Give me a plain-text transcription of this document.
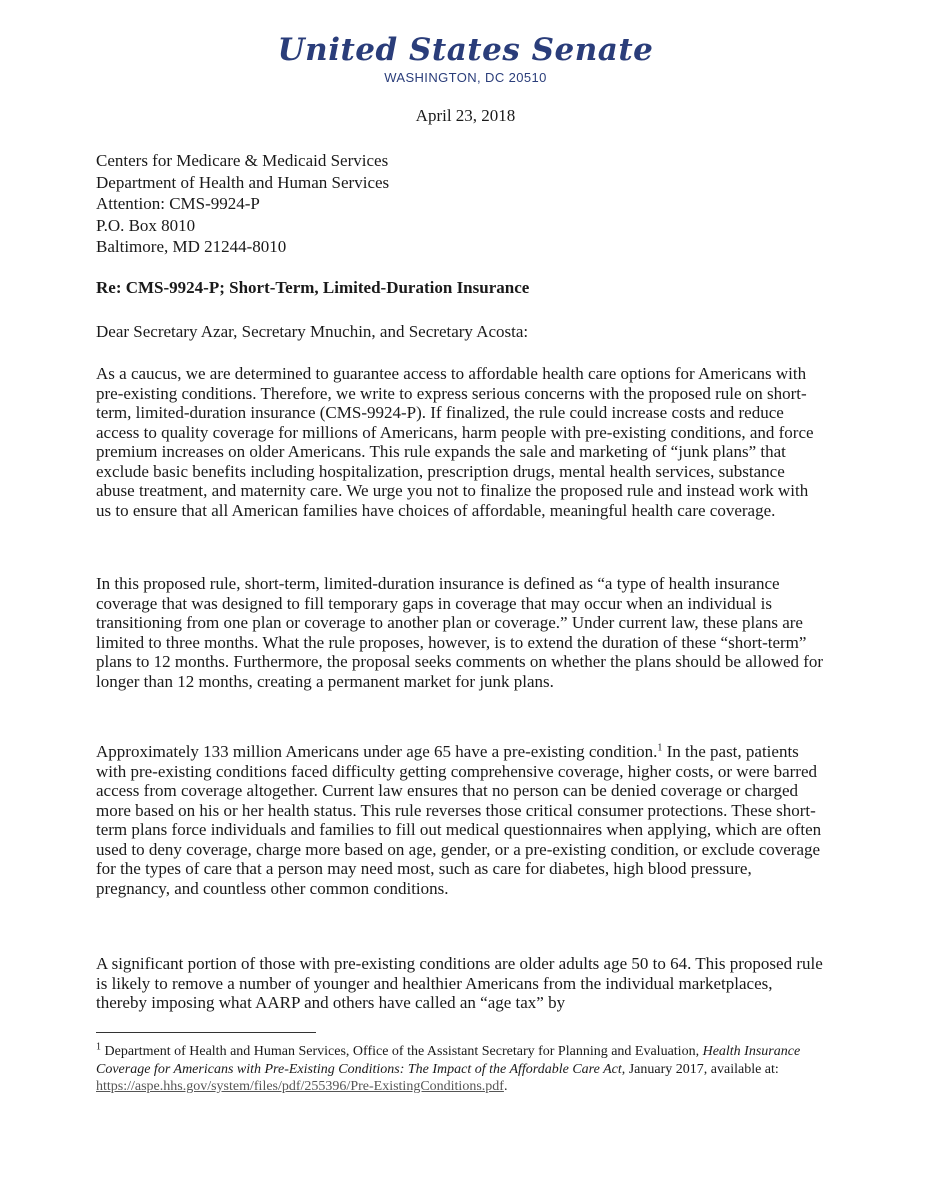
United States Senate
WASHINGTON, DC 20510
April 23, 2018
Centers for Medicare & Medicaid Services
Department of Health and Human Services
Attention: CMS-9924-P
P.O. Box 8010
Baltimore, MD 21244-8010
Re: CMS-9924-P; Short-Term, Limited-Duration Insurance
Dear Secretary Azar, Secretary Mnuchin, and Secretary Acosta:

As a caucus, we are determined to guarantee access to affordable health care options for Americans with pre-existing conditions. Therefore, we write to express serious concerns with the proposed rule on short-term, limited-duration insurance (CMS-9924-P). If finalized, the rule could increase costs and reduce access to quality coverage for millions of Americans, harm people with pre-existing conditions, and force premium increases on older Americans. This rule expands the sale and marketing of “junk plans” that exclude basic benefits including hospitalization, prescription drugs, mental health services, substance abuse treatment, and maternity care. We urge you not to finalize the proposed rule and instead work with us to ensure that all American families have choices of affordable, meaningful health care coverage.

In this proposed rule, short-term, limited-duration insurance is defined as “a type of health insurance coverage that was designed to fill temporary gaps in coverage that may occur when an individual is transitioning from one plan or coverage to another plan or coverage.” Under current law, these plans are limited to three months. What the rule proposes, however, is to extend the duration of these “short-term” plans to 12 months. Furthermore, the proposal seeks comments on whether the plans should be allowed for longer than 12 months, creating a permanent market for junk plans.

Approximately 133 million Americans under age 65 have a pre-existing condition.$^1$ In the past, patients with pre-existing conditions faced difficulty getting comprehensive coverage, higher costs, or were barred access from coverage altogether. Current law ensures that no person can be denied coverage or charged more based on his or her health status. This rule reverses those critical consumer protections. These short-term plans force individuals and families to fill out medical questionnaires when applying, which are often used to deny coverage, charge more based on age, gender, or a pre-existing condition, or exclude coverage for the types of care that a person may need most, such as care for diabetes, high blood pressure, pregnancy, and countless other common conditions.

A significant portion of those with pre-existing conditions are older adults age 50 to 64. This proposed rule is likely to remove a number of younger and healthier Americans from the individual marketplaces, thereby imposing what AARP and others have called an “age tax” by

$^1$ Department of Health and Human Services, Office of the Assistant Secretary for Planning and Evaluation, Health Insurance Coverage for Americans with Pre-Existing Conditions: The Impact of the Affordable Care Act, January 2017, available at: https://aspe.hhs.gov/system/files/pdf/255396/Pre-ExistingConditions.pdf.
